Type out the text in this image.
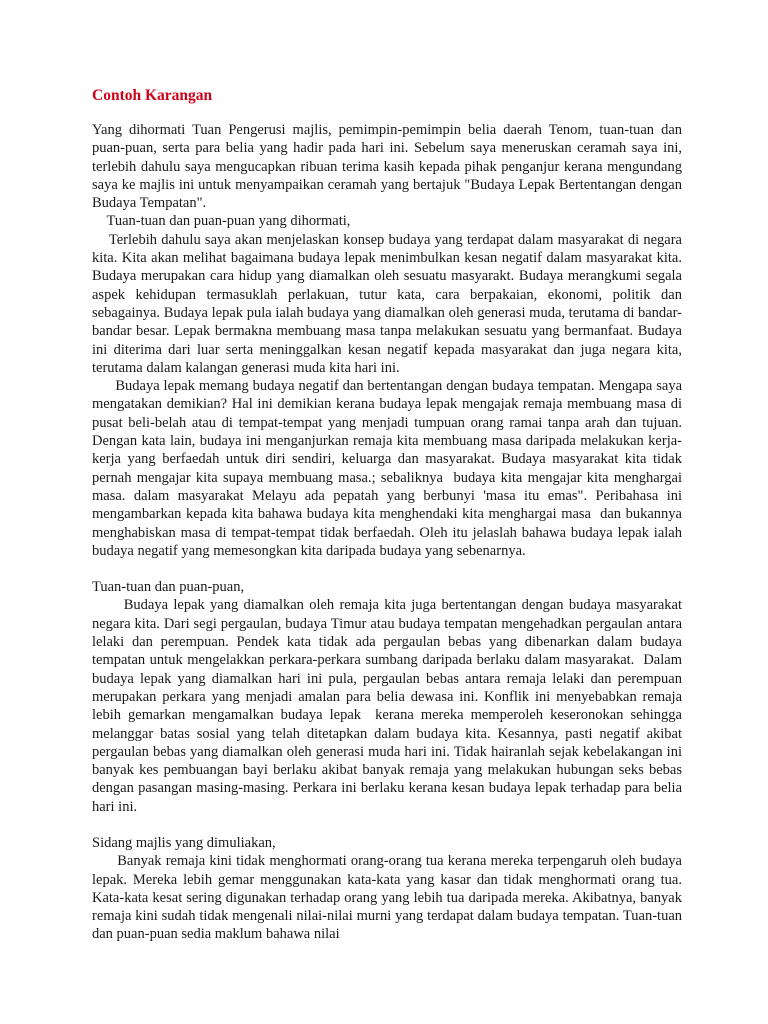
Contoh Karangan

Yang dihormati Tuan Pengerusi majlis, pemimpin-pemimpin belia daerah Tenom, tuan-tuan dan puan-puan, serta para belia yang hadir pada hari ini. Sebelum saya meneruskan ceramah saya ini, terlebih dahulu saya mengucapkan ribuan terima kasih kepada pihak penganjur kerana mengundang saya ke majlis ini untuk menyampaikan ceramah yang bertajuk "Budaya Lepak Bertentangan dengan Budaya Tempatan".

Tuan-tuan dan puan-puan yang dihormati,

Terlebih dahulu saya akan menjelaskan konsep budaya yang terdapat dalam masyarakat di negara kita. Kita akan melihat bagaimana budaya lepak menimbulkan kesan negatif dalam masyarakat kita. Budaya merupakan cara hidup yang diamalkan oleh sesuatu masyarakt. Budaya merangkumi segala aspek kehidupan termasuklah perlakuan, tutur kata, cara berpakaian, ekonomi, politik dan sebagainya. Budaya lepak pula ialah budaya yang diamalkan oleh generasi muda, terutama di bandar-bandar besar. Lepak bermakna membuang masa tanpa melakukan sesuatu yang bermanfaat. Budaya ini diterima dari luar serta meninggalkan kesan negatif kepada masyarakat dan juga negara kita, terutama dalam kalangan generasi muda kita hari ini.

Budaya lepak memang budaya negatif dan bertentangan dengan budaya tempatan. Mengapa saya mengatakan demikian? Hal ini demikian kerana budaya lepak mengajak remaja membuang masa di pusat beli-belah atau di tempat-tempat yang menjadi tumpuan orang ramai tanpa arah dan tujuan. Dengan kata lain, budaya ini menganjurkan remaja kita membuang masa daripada melakukan kerja-kerja yang berfaedah untuk diri sendiri, keluarga dan masyarakat. Budaya masyarakat kita tidak pernah mengajar kita supaya membuang masa.; sebaliknya  budaya kita mengajar kita menghargai masa. dalam masyarakat Melayu ada pepatah yang berbunyi 'masa itu emas". Peribahasa ini mengambarkan kepada kita bahawa budaya kita menghendaki kita menghargai masa  dan bukannya menghabiskan masa di tempat-tempat tidak berfaedah. Oleh itu jelaslah bahawa budaya lepak ialah budaya negatif yang memesongkan kita daripada budaya yang sebenarnya.

Tuan-tuan dan puan-puan,

Budaya lepak yang diamalkan oleh remaja kita juga bertentangan dengan budaya masyarakat negara kita. Dari segi pergaulan, budaya Timur atau budaya tempatan mengehadkan pergaulan antara lelaki dan perempuan. Pendek kata tidak ada pergaulan bebas yang dibenarkan dalam budaya tempatan untuk mengelakkan perkara-perkara sumbang daripada berlaku dalam masyarakat.  Dalam budaya lepak yang diamalkan hari ini pula, pergaulan bebas antara remaja lelaki dan perempuan merupakan perkara yang menjadi amalan para belia dewasa ini. Konflik ini menyebabkan remaja lebih gemarkan mengamalkan budaya lepak  kerana mereka memperoleh keseronokan sehingga melanggar batas sosial yang telah ditetapkan dalam budaya kita. Kesannya, pasti negatif akibat pergaulan bebas yang diamalkan oleh generasi muda hari ini. Tidak hairanlah sejak kebelakangan ini banyak kes pembuangan bayi berlaku akibat banyak remaja yang melakukan hubungan seks bebas dengan pasangan masing-masing. Perkara ini berlaku kerana kesan budaya lepak terhadap para belia hari ini.

Sidang majlis yang dimuliakan,

Banyak remaja kini tidak menghormati orang-orang tua kerana mereka terpengaruh oleh budaya lepak. Mereka lebih gemar menggunakan kata-kata yang kasar dan tidak menghormati orang tua. Kata-kata kesat sering digunakan terhadap orang yang lebih tua daripada mereka. Akibatnya, banyak remaja kini sudah tidak mengenali nilai-nilai murni yang terdapat dalam budaya tempatan. Tuan-tuan dan puan-puan sedia maklum bahawa nilai
